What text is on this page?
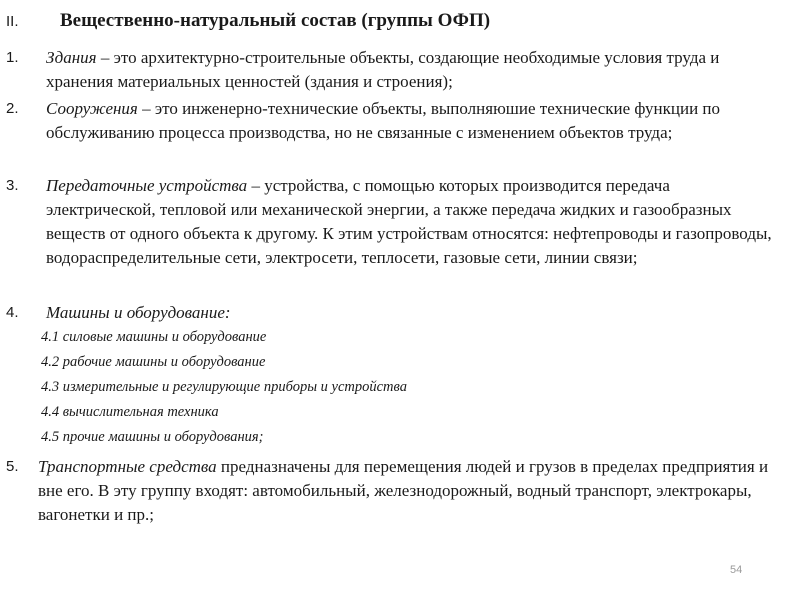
II. Вещественно-натуральный состав (группы ОФП)
1. Здания – это архитектурно-строительные объекты, создающие необходимые условия труда и хранения материальных ценностей (здания и строения);
2. Сооружения – это инженерно-технические объекты, выполняюшие технические функции по обслуживанию процесса производства, но не связанные с изменением объектов труда;
3. Передаточные устройства – устройства, с помощью которых производится передача электрической, тепловой или механической энергии, а также передача жидких и газообразных веществ от одного объекта к другому. К этим устройствам относятся: нефтепроводы и газопроводы, водораспределительные сети, электросети, теплосети, газовые сети, линии связи;
4. Машины и оборудование:
4.1 силовые машины и оборудование
4.2 рабочие машины и оборудование
4.3 измерительные и регулирующие приборы и устройства
4.4 вычислительная техника
4.5 прочие машины и оборудования;
5. Транспортные средства предназначены для перемещения людей и грузов в пределах предприятия и вне его. В эту группу входят: автомобильный, железнодорожный, водный транспорт, электрокары, вагонетки и пр.;
54
